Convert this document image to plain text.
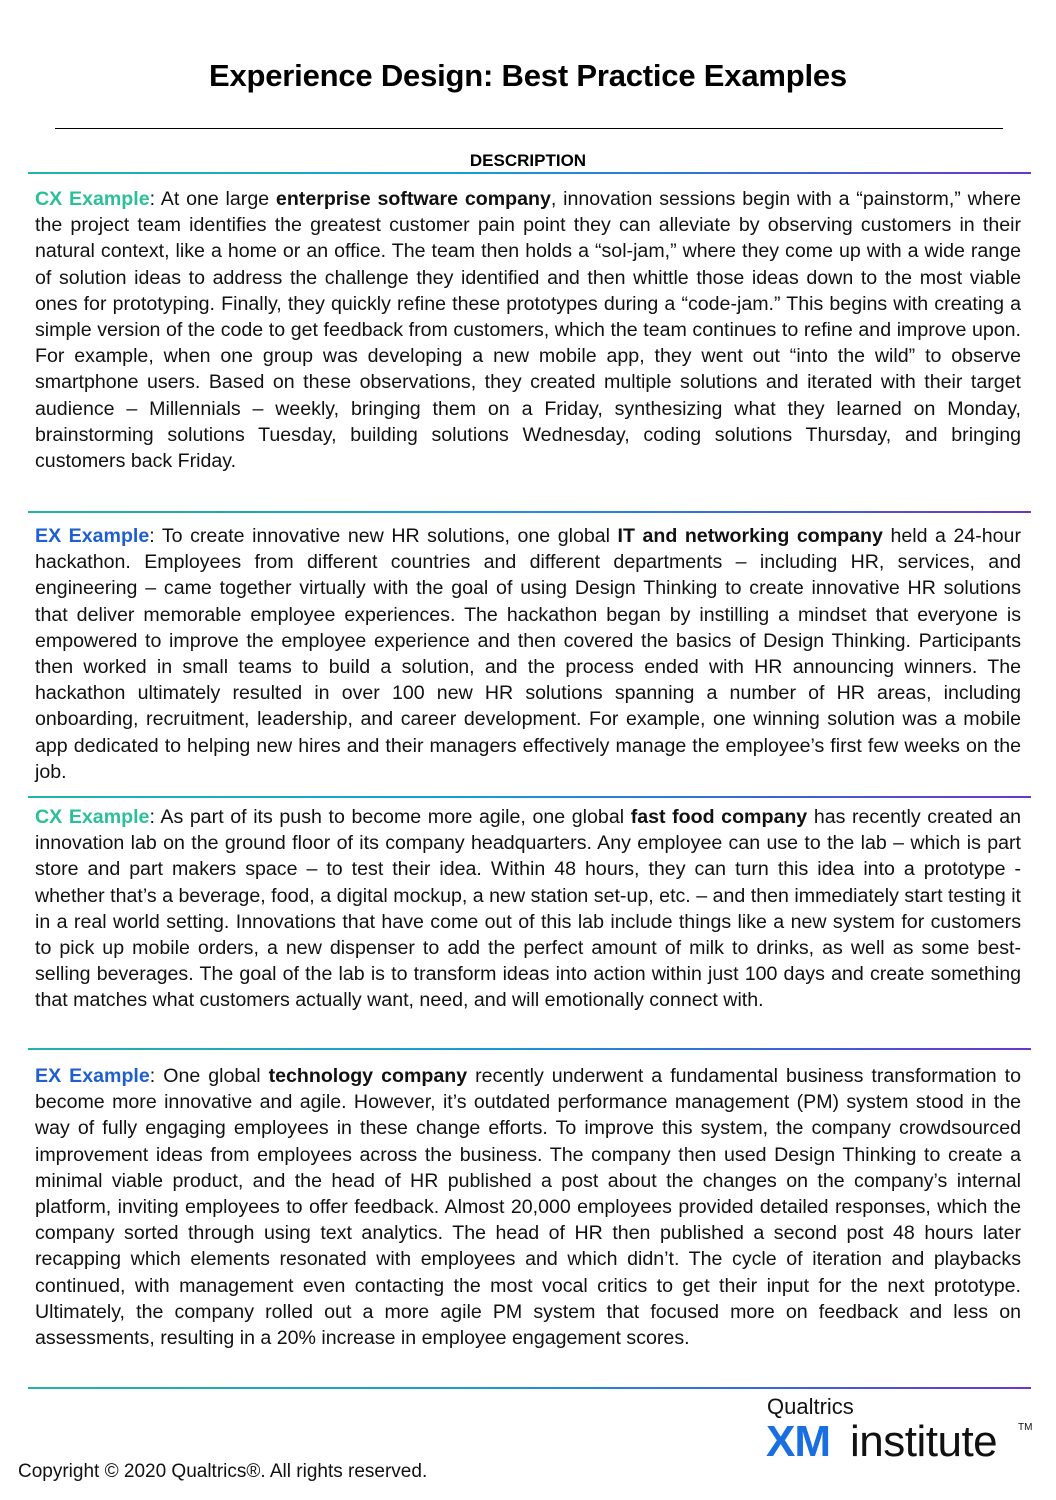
Experience Design: Best Practice Examples
DESCRIPTION
CX Example: At one large enterprise software company, innovation sessions begin with a “painstorm,” where the project team identifies the greatest customer pain point they can alleviate by observing customers in their natural context, like a home or an office. The team then holds a “sol-jam,” where they come up with a wide range of solution ideas to address the challenge they identified and then whittle those ideas down to the most viable ones for prototyping. Finally, they quickly refine these prototypes during a “code-jam.” This begins with creating a simple version of the code to get feedback from customers, which the team continues to refine and improve upon. For example, when one group was developing a new mobile app, they went out “into the wild” to observe smartphone users. Based on these observations, they created multiple solutions and iterated with their target audience – Millennials – weekly, bringing them on a Friday, synthesizing what they learned on Monday, brainstorming solutions Tuesday, building solutions Wednesday, coding solutions Thursday, and bringing customers back Friday.
EX Example: To create innovative new HR solutions, one global IT and networking company held a 24-hour hackathon. Employees from different countries and different departments – including HR, services, and engineering – came together virtually with the goal of using Design Thinking to create innovative HR solutions that deliver memorable employee experiences. The hackathon began by instilling a mindset that everyone is empowered to improve the employee experience and then covered the basics of Design Thinking. Participants then worked in small teams to build a solution, and the process ended with HR announcing winners. The hackathon ultimately resulted in over 100 new HR solutions spanning a number of HR areas, including onboarding, recruitment, leadership, and career development. For example, one winning solution was a mobile app dedicated to helping new hires and their managers effectively manage the employee’s first few weeks on the job.
CX Example: As part of its push to become more agile, one global fast food company has recently created an innovation lab on the ground floor of its company headquarters. Any employee can use to the lab – which is part store and part makers space – to test their idea. Within 48 hours, they can turn this idea into a prototype - whether that’s a beverage, food, a digital mockup, a new station set-up, etc. – and then immediately start testing it in a real world setting. Innovations that have come out of this lab include things like a new system for customers to pick up mobile orders, a new dispenser to add the perfect amount of milk to drinks, as well as some best-selling beverages. The goal of the lab is to transform ideas into action within just 100 days and create something that matches what customers actually want, need, and will emotionally connect with.
EX Example: One global technology company recently underwent a fundamental business transformation to become more innovative and agile. However, it’s outdated performance management (PM) system stood in the way of fully engaging employees in these change efforts. To improve this system, the company crowdsourced improvement ideas from employees across the business. The company then used Design Thinking to create a minimal viable product, and the head of HR published a post about the changes on the company’s internal platform, inviting employees to offer feedback. Almost 20,000 employees provided detailed responses, which the company sorted through using text analytics. The head of HR then published a second post 48 hours later recapping which elements resonated with employees and which didn’t. The cycle of iteration and playbacks continued, with management even contacting the most vocal critics to get their input for the next prototype. Ultimately, the company rolled out a more agile PM system that focused more on feedback and less on assessments, resulting in a 20% increase in employee engagement scores.
Qualtrics
XM institute TM
Copyright © 2020 Qualtrics®. All rights reserved.
